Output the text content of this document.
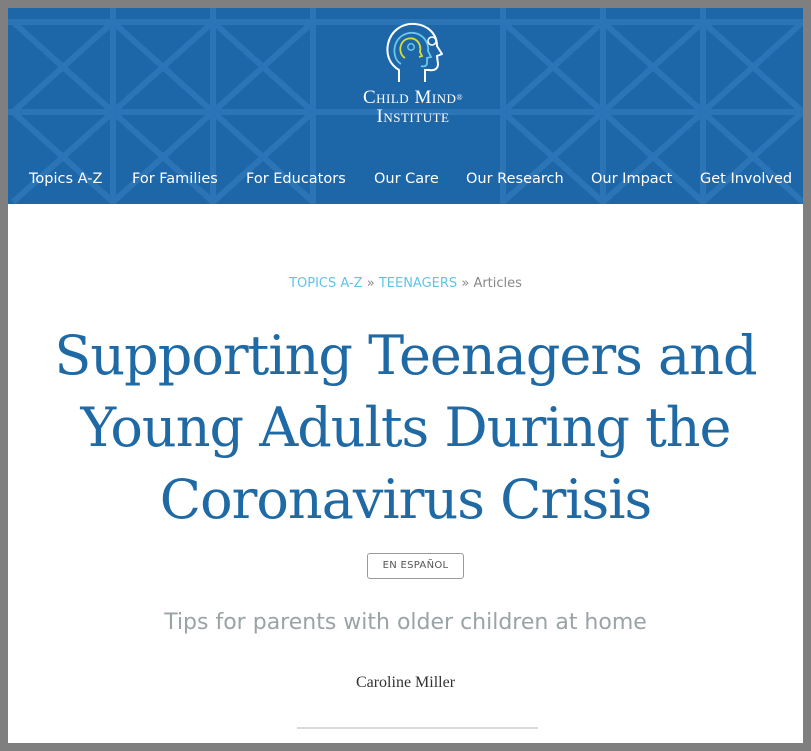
Child Mind®
Institute
Topics A-Z For Families For Educators Our Care Our Research Our Impact Get Involved
TOPICS A-Z » TEENAGERS » Articles
Supporting Teenagers and Young Adults During the Coronavirus Crisis
EN ESPAÑOL
Tips for parents with older children at home
Caroline Miller
